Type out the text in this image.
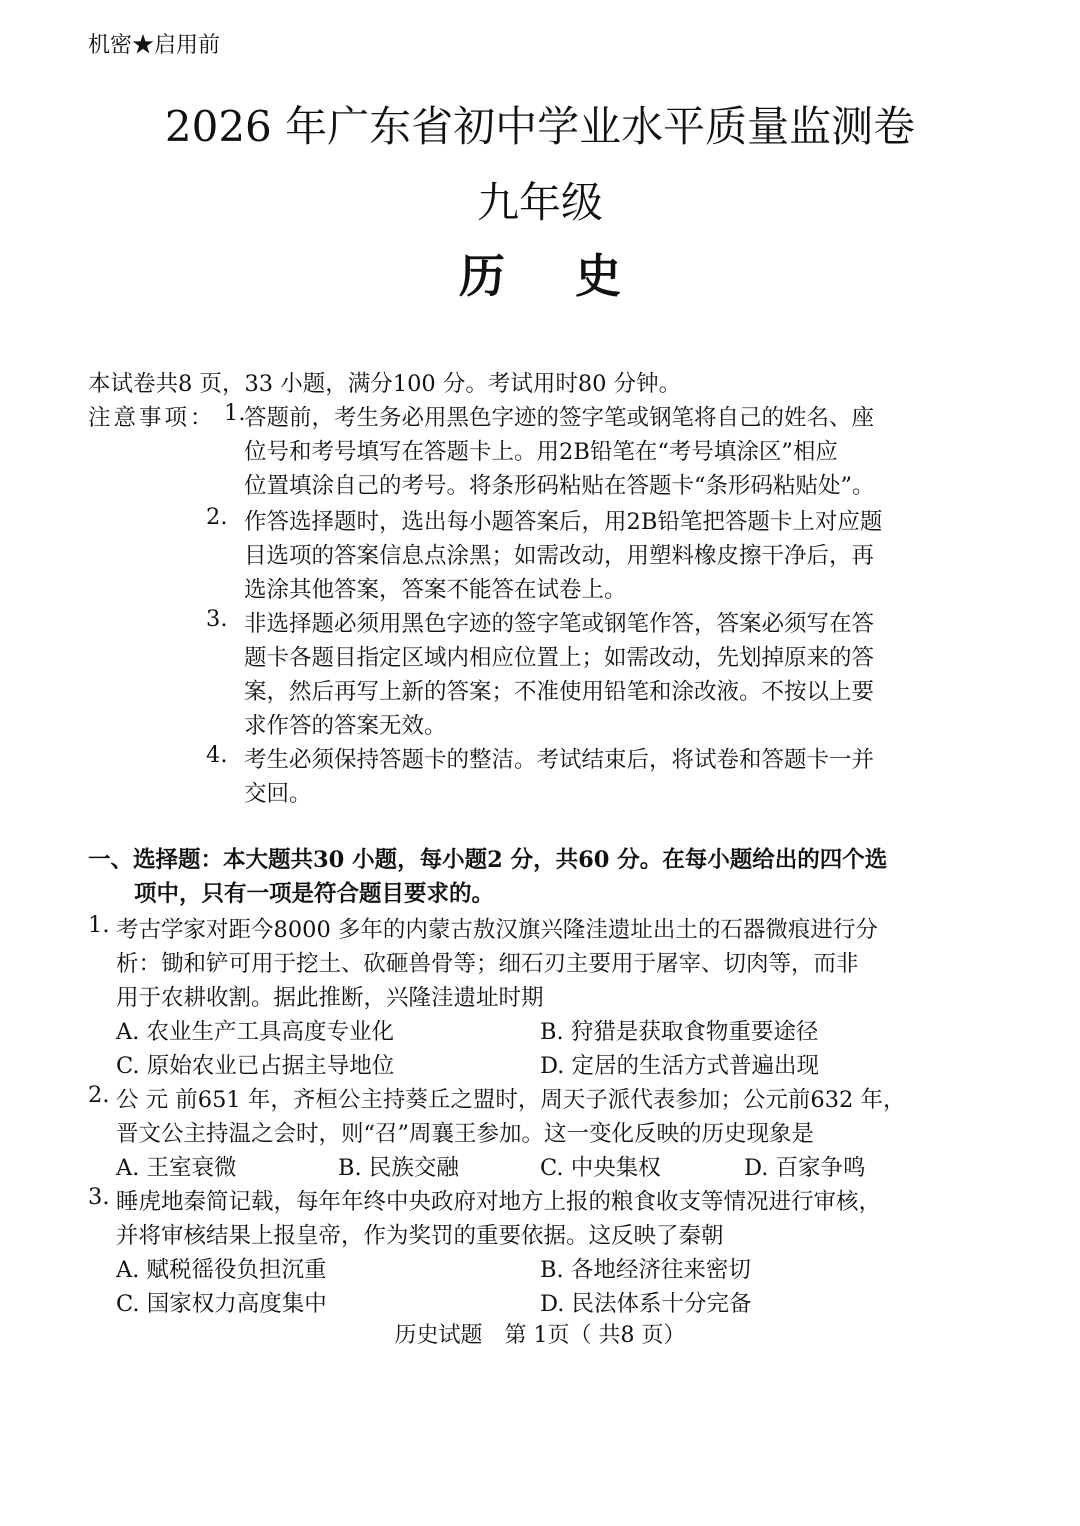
机密★启用前
2026 年广东省初中学业水平质量监测卷
九年级
历史
本试卷共8 页，33 小题，满分100 分。考试用时80 分钟。
注意事项： 1.
答题前，考生务必用黑色字迹的签字笔或钢笔将自己的姓名、座
位号和考号填写在答题卡上。用2B铅笔在“考号填涂区”相应
位置填涂自己的考号。将条形码粘贴在答题卡“条形码粘贴处”。
2. 作答选择题时，选出每小题答案后，用2B铅笔把答题卡上对应题
目选项的答案信息点涂黑；如需改动，用塑料橡皮擦干净后，再
选涂其他答案，答案不能答在试卷上。
3. 非选择题必须用黑色字迹的签字笔或钢笔作答，答案必须写在答
题卡各题目指定区域内相应位置上；如需改动，先划掉原来的答
案，然后再写上新的答案；不准使用铅笔和涂改液。不按以上要
求作答的答案无效。
4. 考生必须保持答题卡的整洁。考试结束后，将试卷和答题卡一并
交回。
一、选择题：本大题共30 小题，每小题2 分，共60 分。在每小题给出的四个选
项中，只有一项是符合题目要求的。
1. 考古学家对距今8000 多年的内蒙古敖汉旗兴隆洼遗址出土的石器微痕进行分
析：锄和铲可用于挖土、砍砸兽骨等；细石刃主要用于屠宰、切肉等，而非
用于农耕收割。据此推断，兴隆洼遗址时期
A. 农业生产工具高度专业化	B. 狩猎是获取食物重要途径
C. 原始农业已占据主导地位	D. 定居的生活方式普遍出现
2. 公 元 前651 年，齐桓公主持葵丘之盟时，周天子派代表参加；公元前632 年，
晋文公主持温之会时，则“召”周襄王参加。这一变化反映的历史现象是
A. 王室衰微	B. 民族交融	C. 中央集权	D. 百家争鸣
3. 睡虎地秦简记载，每年年终中央政府对地方上报的粮食收支等情况进行审核，
并将审核结果上报皇帝，作为奖罚的重要依据。这反映了秦朝
A. 赋税徭役负担沉重	B. 各地经济往来密切
C. 国家权力高度集中	D. 民法体系十分完备
历史试题　第 1页（ 共8 页）
